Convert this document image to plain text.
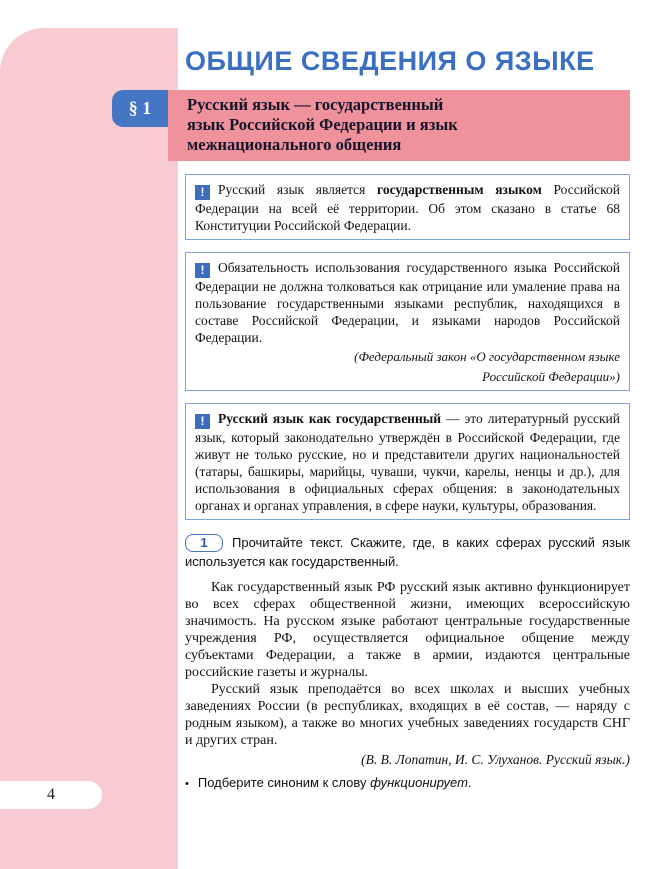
4
ОБЩИЕ СВЕДЕНИЯ О ЯЗЫКЕ
§ 1 Русский язык — государственный
язык Российской Федерации и язык
межнационального общения
! Русский язык является государственным языком Российской Федерации на всей её территории. Об этом сказано в статье 68 Конституции Российской Федерации.
! Обязательность использования государственного языка Российской Федерации не должна толковаться как отрицание или умаление права на пользование государственными языками республик, находящихся в составе Российской Федерации, и языками народов Российской Федерации.
(Федеральный закон «О государственном языке
Российской Федерации»)
! Русский язык как государственный — это литературный русский язык, который законодательно утверждён в Российской Федерации, где живут не только русские, но и представители других национальностей (татары, башкиры, марийцы, чуваши, чукчи, карелы, ненцы и др.), для использования в официальных сферах общения: в законодательных органах и органах управления, в сфере науки, культуры, образования.
1 Прочитайте текст. Скажите, где, в каких сферах русский язык используется как государственный.

Как государственный язык РФ русский язык активно функционирует во всех сферах общественной жизни, имеющих всероссийскую значимость. На русском языке работают центральные государственные учреждения РФ, осуществляется официальное общение между субъектами Федерации, а также в армии, издаются центральные российские газеты и журналы.

Русский язык преподаётся во всех школах и высших учебных заведениях России (в республиках, входящих в её состав, — наряду с родным языком), а также во многих учебных заведениях государств СНГ и других стран.

(В. В. Лопатин, И. С. Улуханов. Русский язык.)
• Подберите синоним к слову функционирует.
